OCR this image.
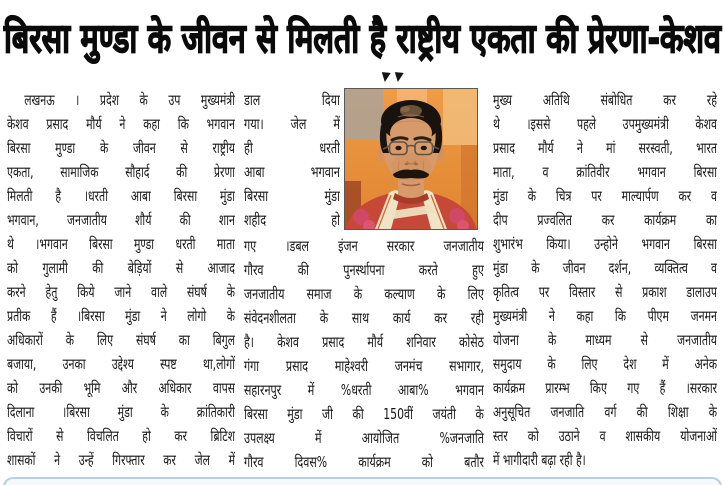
बिरसा मुण्डा के जीवन से मिलती है राष्ट्रीय एकता की प्रेरणा-केशव
लखनऊ । प्रदेश के उप मुख्यमंत्री
केशव प्रसाद मौर्य ने कहा कि भगवान
बिरसा मुण्डा के जीवन से राष्ट्रीय
एकता, सामाजिक सौहार्द की प्रेरणा
मिलती है ।धरती आबा बिरसा मुंडा
भगवान, जनजातीय शौर्य की शान
थे ।भगवान बिरसा मुण्डा धरती माता
को गुलामी की बेड़ियों से आजाद
करने हेतु किये जाने वाले संघर्ष के
प्रतीक हैं ।बिरसा मुंडा ने लोगो के
अधिकारों के लिए संघर्ष का बिगुल
बजाया, उनका उद्देश्य स्पष्ट था,लोगों
को उनकी भूमि और अधिकार वापस
दिलाना ।बिरसा मुंडा के क्रांतिकारी
विचारों से विचलित हो कर ब्रिटिश
शासकों ने उन्हें गिरफ्तार कर जेल में
डाल दिया
गया। जेल में
ही धरती
आबा भगवान
बिरसा मुंडा
शहीद हो
गए ।डबल इंजन सरकार जनजातीय
गौरव की पुनर्स्थापना करते हुए
जनजातीय समाज के कल्याण के लिए
संवेदनशीलता के साथ कार्य कर रही
है। केशव प्रसाद मौर्य शनिवार कोसेठ
गंगा प्रसाद माहेश्वरी जनमंच सभागार,
सहारनपुर में %धरती आबा% भगवान
बिरसा मुंडा जी की 150वीं जयंती के
उपलक्ष्य में आयोजित %जनजाति
गौरव दिवस% कार्यक्रम को बतौर
मुख्य अतिथि संबोधित कर रहे
थे ।इससे पहले उपमुख्यमंत्री केशव
प्रसाद मौर्य ने मां सरस्वती, भारत
माता, व क्रांतिवीर भगवान बिरसा
मुंडा के चित्र पर माल्यार्पण कर व
दीप प्रज्वलित कर कार्यक्रम का
शुभारंभ किया। उन्होने भगवान बिरसा
मुंडा के जीवन दर्शन, व्यक्तित्व व
कृतित्व पर विस्तार से प्रकाश डालाउप
मुख्यमंत्री ने कहा कि पीएम जनमन
योजना के माध्यम से जनजातीय
समुदाय के लिए देश में अनेक
कार्यक्रम प्रारम्भ किए गए हैं ।सरकार
अनुसूचित जनजाति वर्ग की शिक्षा के
स्तर को उठाने व शासकीय योजनाओं
में भागीदारी बढ़ा रही है।
